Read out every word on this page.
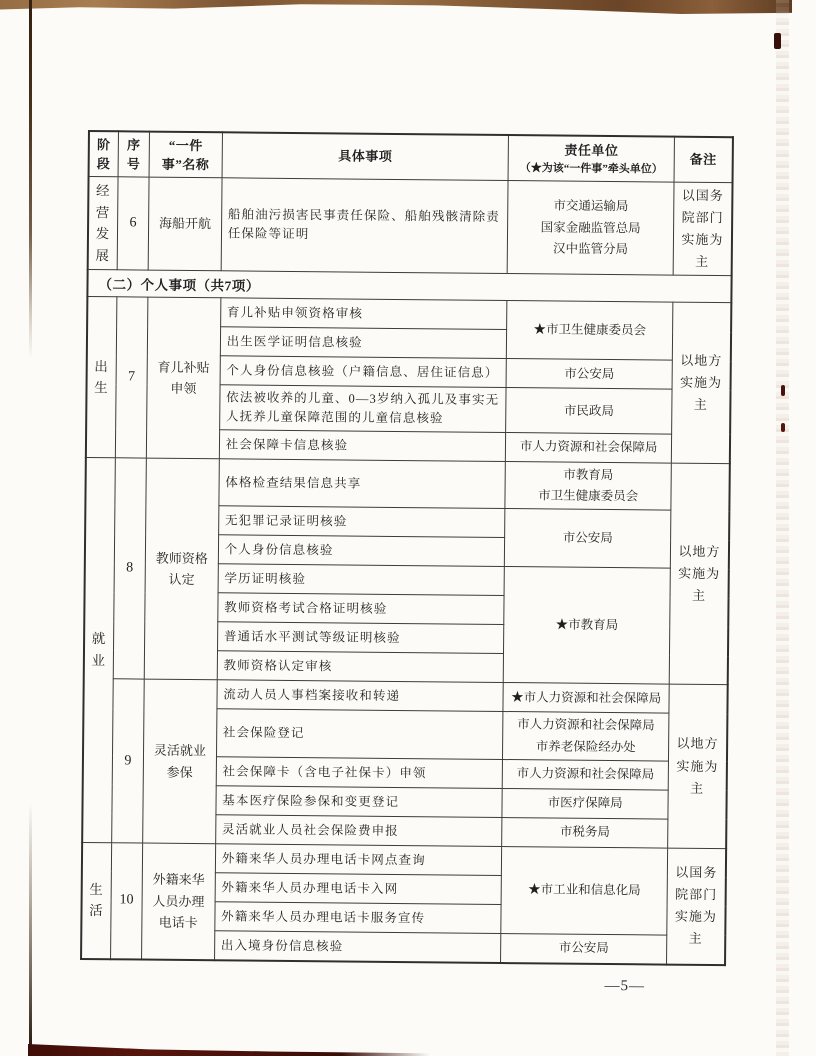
阶段	序号	“一件事”名称	具体事项	责任单位
（★为该“一件事”牵头单位）	备注
经营发展	6	海船开航	船舶油污损害民事责任保险、船舶残骸清除责任保险等证明	市交通运输局
国家金融监管总局
汉中监管分局	以国务院部门实施为主
（二）个人事项（共7项）					
出生	7	育儿补贴申领	育儿补贴申领资格审核	★市卫生健康委员会	以地方实施为主
			出生医学证明信息核验		
			个人身份信息核验（户籍信息、居住证信息）	市公安局	

			依法被收养的儿童、0—3岁纳入孤儿及事实无人抚养儿童保障范围的儿童信息核验	市民政局	

			社会保障卡信息核验	市人力资源和社会保障局	

就业	8	教师资格认定	体格检查结果信息共享	市教育局
市卫生健康委员会	以地方实施为主
			无犯罪记录证明核验	市公安局	

			个人身份信息核验		
			学历证明核验	★市教育局	

			教师资格考试合格证明核验		
			普通话水平测试等级证明核验		
			教师资格认定审核		
	9	灵活就业参保	流动人员人事档案接收和转递	★市人力资源和社会保障局	以地方实施为主
			社会保险登记	市人力资源和社会保障局
市养老保险经办处	

			社会保障卡（含电子社保卡）申领	市人力资源和社会保障局	

			基本医疗保险参保和变更登记	市医疗保障局	

			灵活就业人员社会保险费申报	市税务局	

生活	10	外籍来华人员办理电话卡	外籍来华人员办理电话卡网点查询	★市工业和信息化局	以国务院部门实施为主
			外籍来华人员办理电话卡入网		
			外籍来华人员办理电话卡服务宣传		
			出入境身份信息核验	市公安局	
—5—
